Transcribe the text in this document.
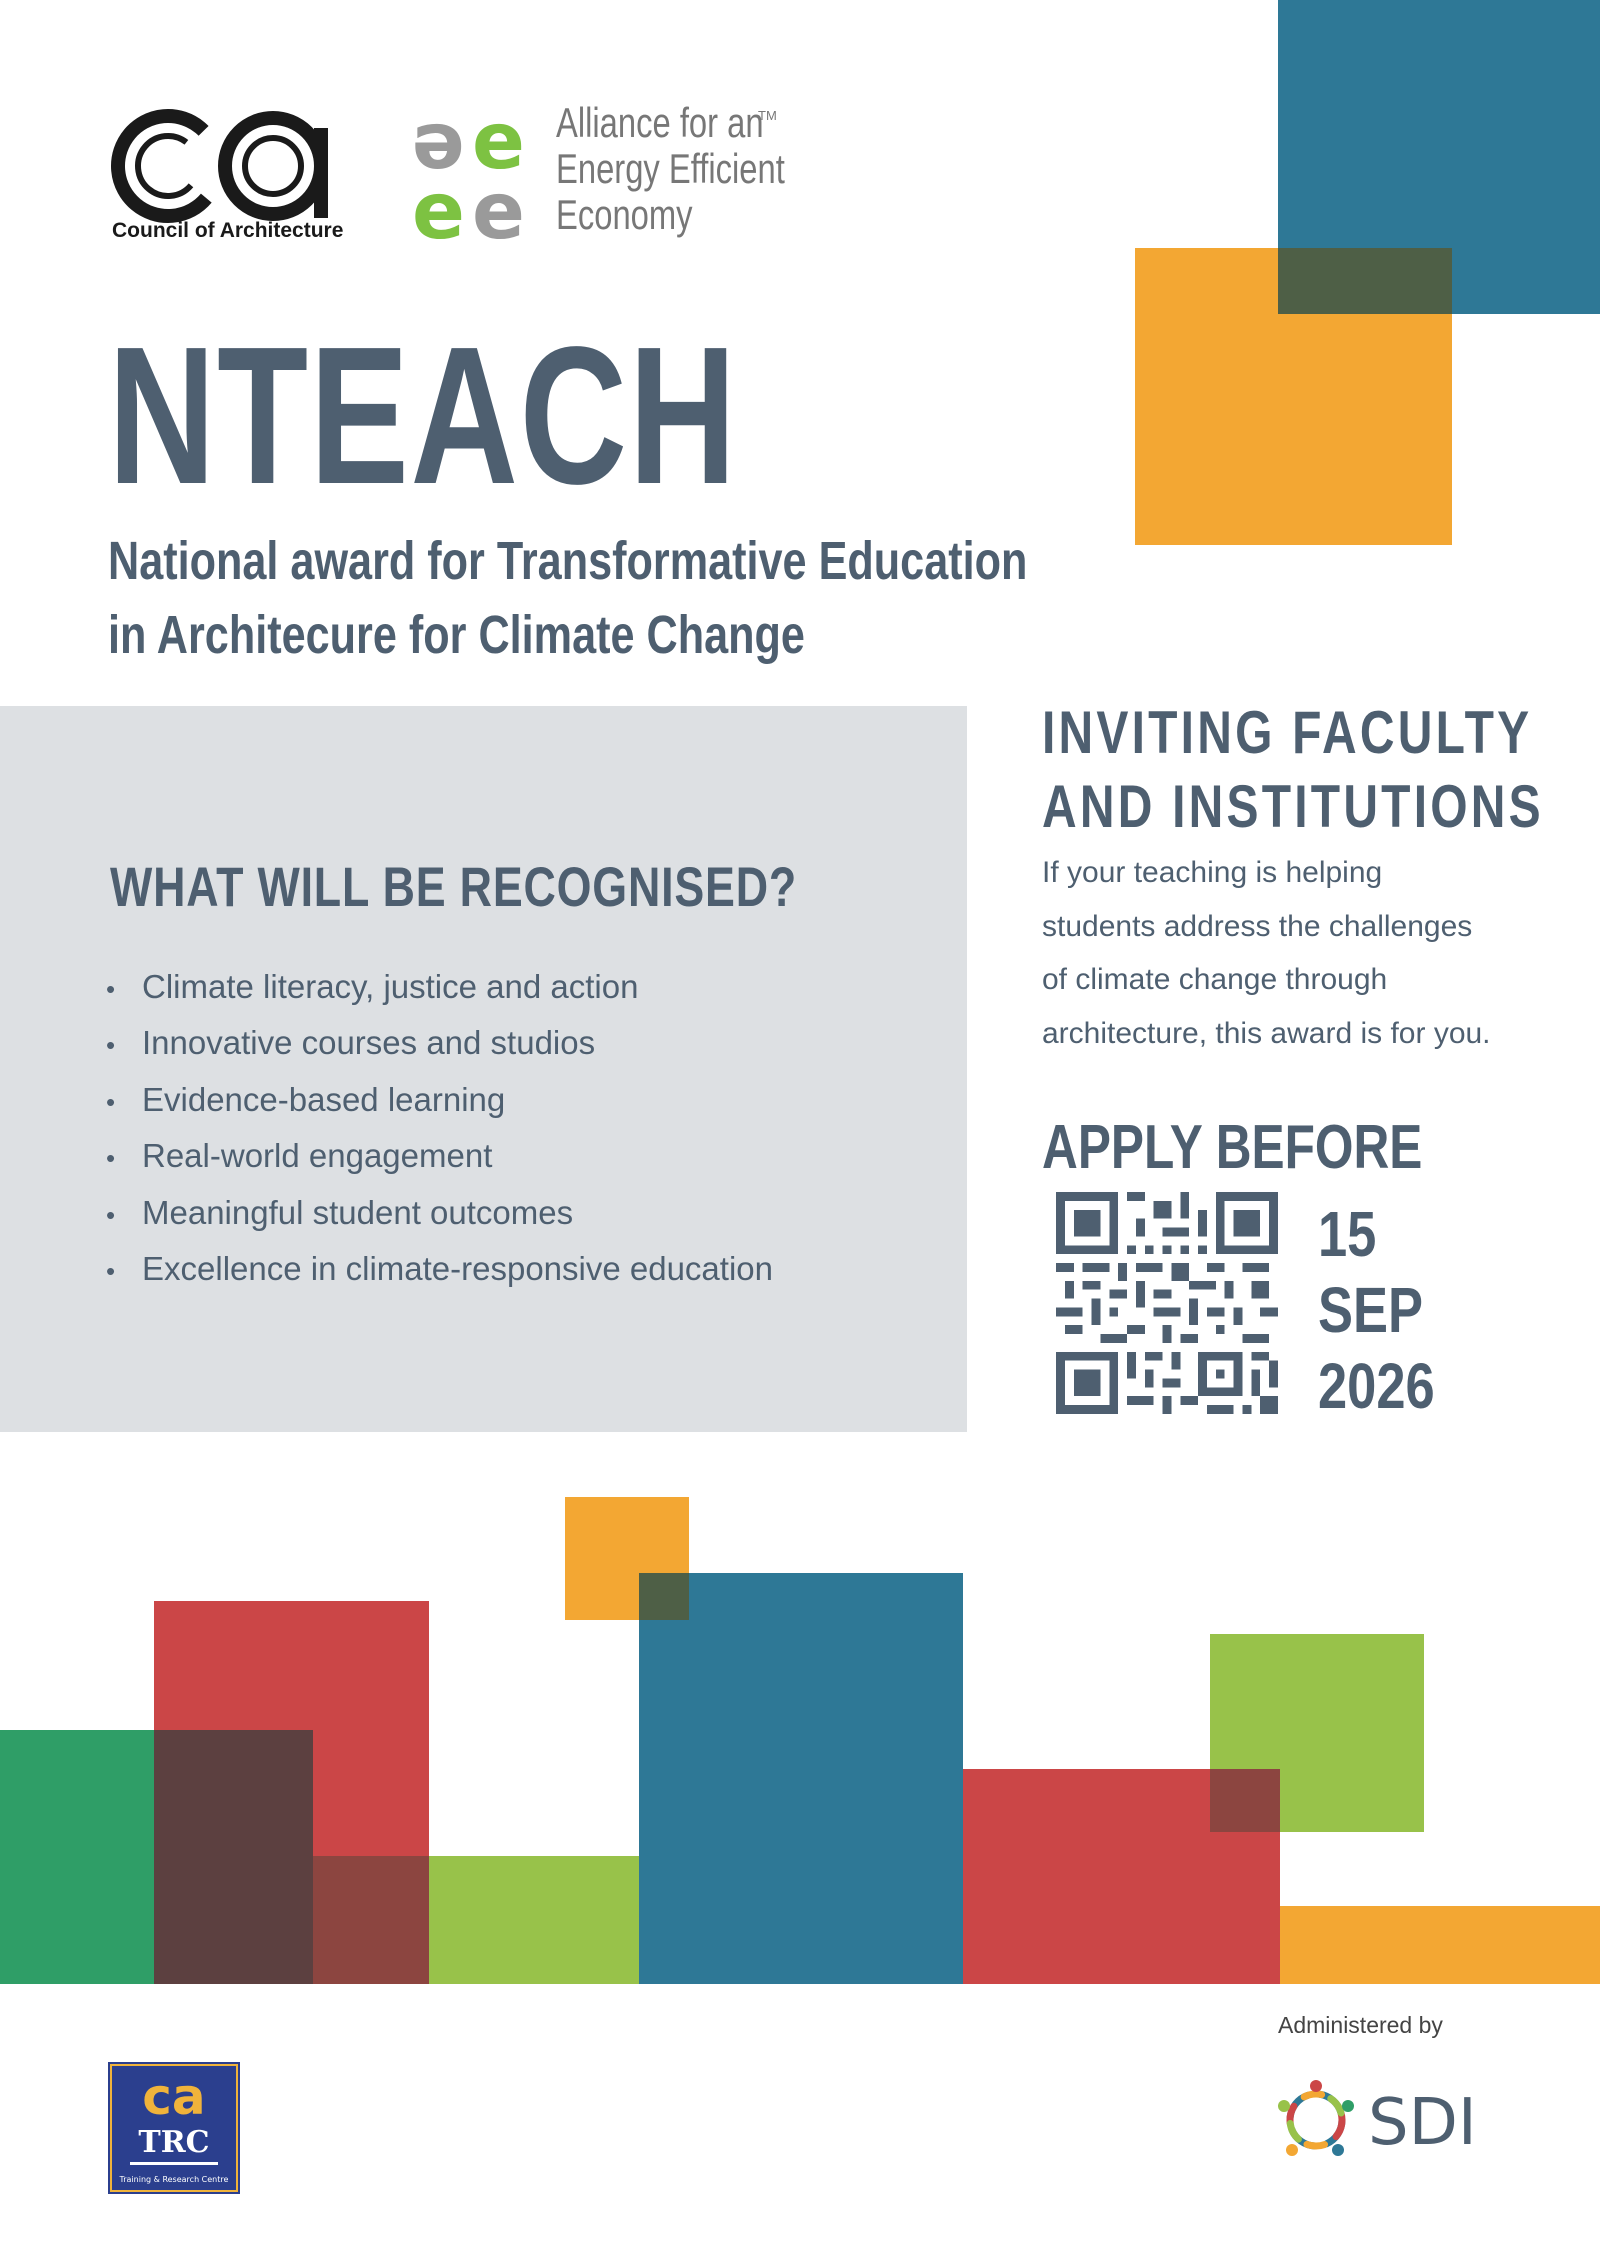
Council of Architecture
ə e
e e
Alliance for an
Energy Efficient
Economy
TM
NTEACH
National award for Transformative Education
in Architecure for Climate Change
WHAT WILL BE RECOGNISED?
• Climate literacy, justice and action
• Innovative courses and studios
• Evidence-based learning
• Real-world engagement
• Meaningful student outcomes
• Excellence in climate-responsive education
INVITING FACULTY
AND INSTITUTIONS
If your teaching is helping
students address the challenges
of climate change through
architecture, this award is for you.
APPLY BEFORE
15
SEP
2026
Administered by
ca
TRC
Training & Research Centre
SDI
